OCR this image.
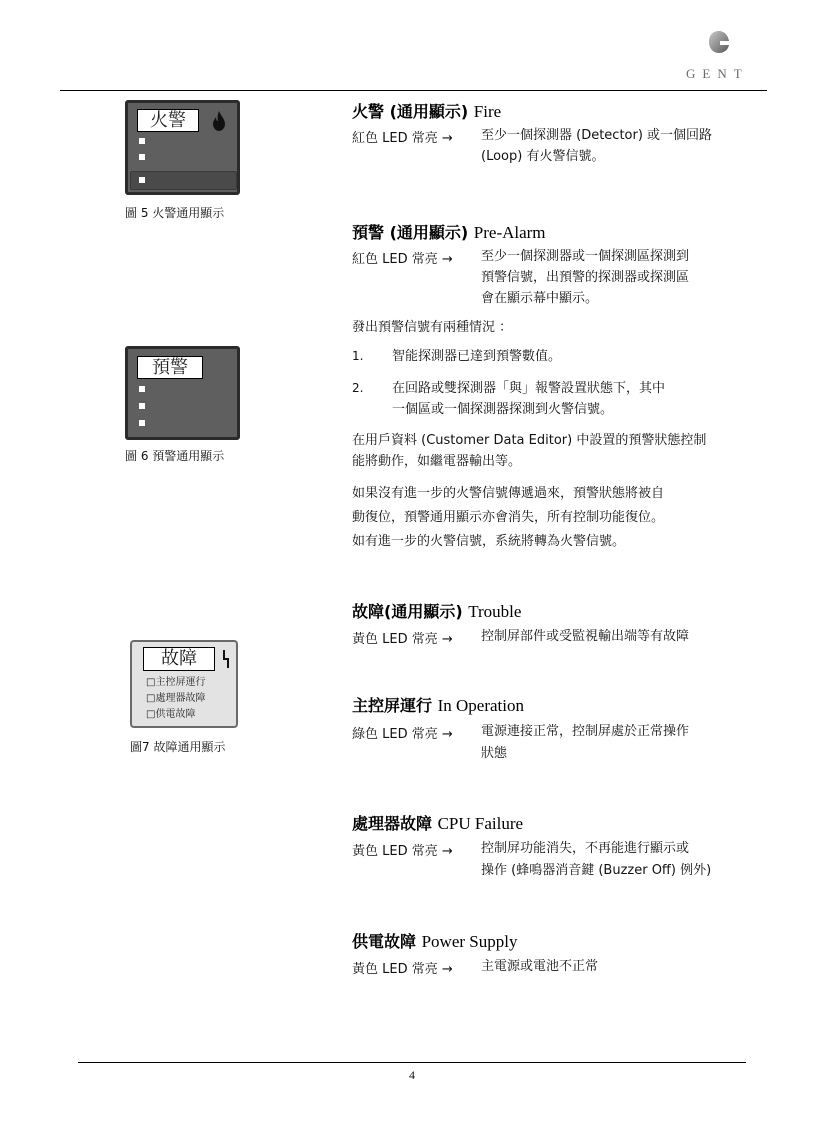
GENT
火警
圖 5 火警通用顯示
預警
圖 6 預警通用顯示
故障
□主控屏運行
□處理器故障
□供電故障
圖7 故障通用顯示
火警 (通用顯示) Fire
紅色 LED 常亮 → 至少一個探測器 (Detector) 或一個回路
(Loop) 有火警信號。
預警 (通用顯示) Pre-Alarm
紅色 LED 常亮 → 至少一個探測器或一個探測區探測到
預警信號，出預警的探測器或探測區
會在顯示幕中顯示。
發出預警信號有兩種情況 ：
1. 智能探測器已達到預警數值。
2. 在回路或雙探測器「與」報警設置狀態下，其中
一個區或一個探測器探測到火警信號。
在用戶資料 (Customer Data Editor) 中設置的預警狀態控制
能將動作，如繼電器輸出等。
如果沒有進一步的火警信號傳遞過來，預警狀態將被自
動復位，預警通用顯示亦會消失，所有控制功能復位。
如有進一步的火警信號，系統將轉為火警信號。
故障(通用顯示) Trouble
黃色 LED 常亮 → 控制屏部件或受監視輸出端等有故障
主控屏運行 In Operation
綠色 LED 常亮 → 電源連接正常，控制屏處於正常操作
狀態
處理器故障 CPU Failure
黃色 LED 常亮 → 控制屏功能消失，不再能進行顯示或
操作 (蜂鳴器消音鍵 (Buzzer Off) 例外)
供電故障 Power Supply
黃色 LED 常亮 → 主電源或電池不正常
4
